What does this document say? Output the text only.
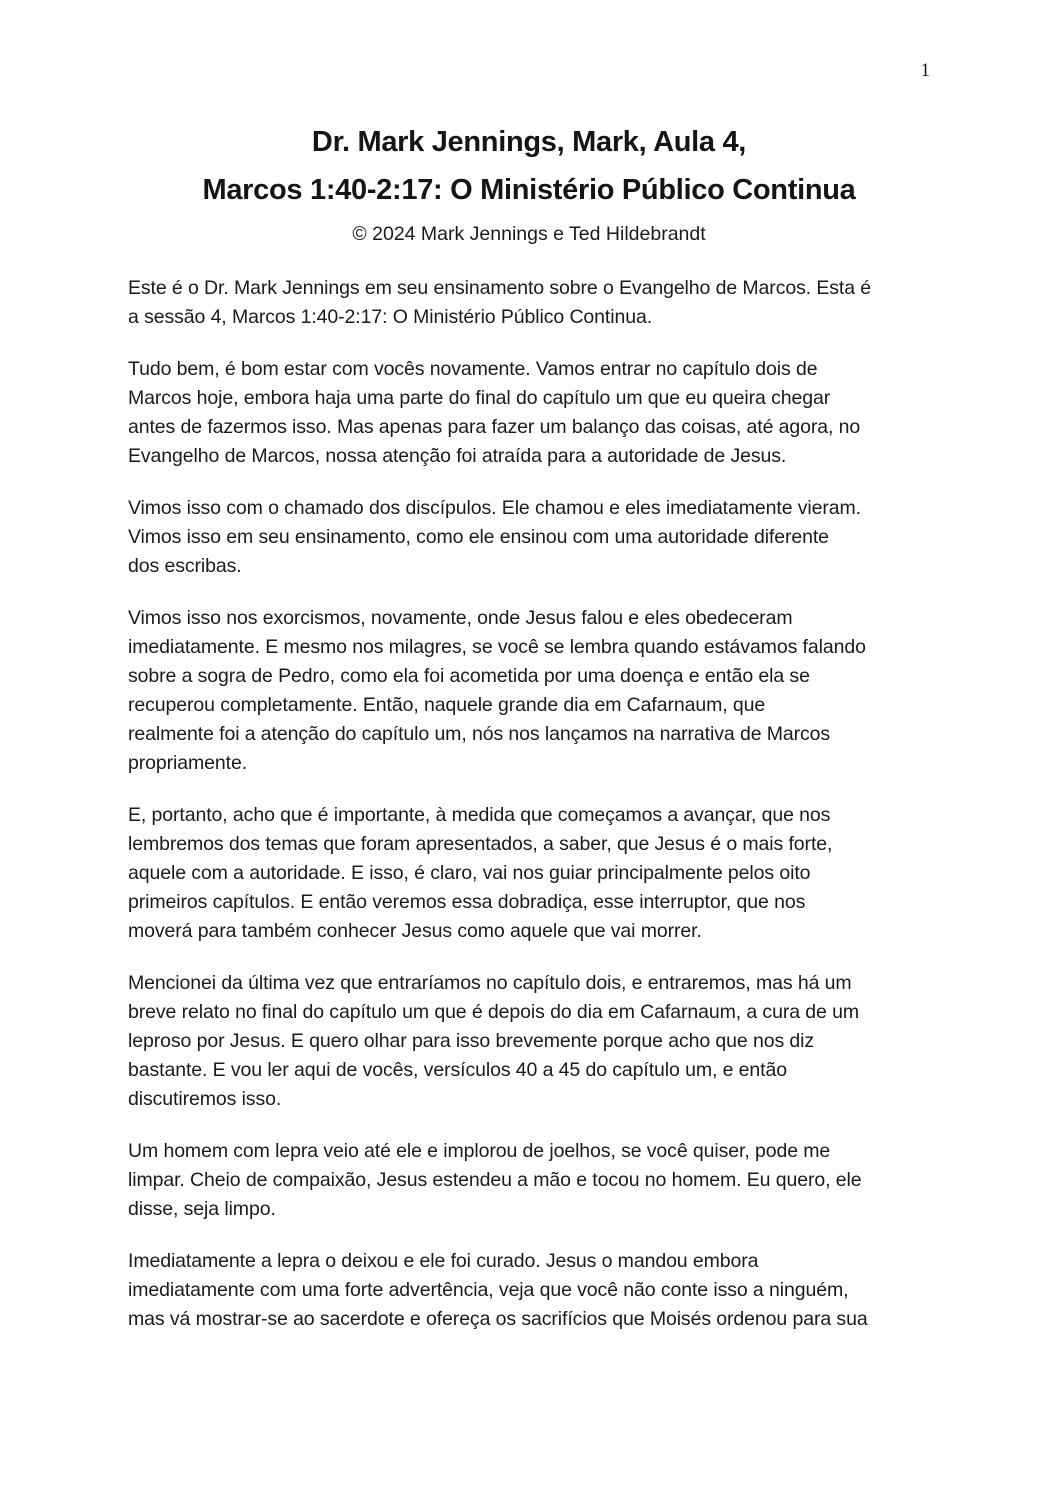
1
Dr. Mark Jennings, Mark, Aula 4,
Marcos 1:40-2:17: O Ministério Público Continua
© 2024 Mark Jennings e Ted Hildebrandt
Este é o Dr. Mark Jennings em seu ensinamento sobre o Evangelho de Marcos. Esta é
a sessão 4, Marcos 1:40-2:17: O Ministério Público Continua.
Tudo bem, é bom estar com vocês novamente. Vamos entrar no capítulo dois de
Marcos hoje, embora haja uma parte do final do capítulo um que eu queira chegar
antes de fazermos isso. Mas apenas para fazer um balanço das coisas, até agora, no
Evangelho de Marcos, nossa atenção foi atraída para a autoridade de Jesus.
Vimos isso com o chamado dos discípulos. Ele chamou e eles imediatamente vieram.
Vimos isso em seu ensinamento, como ele ensinou com uma autoridade diferente
dos escribas.
Vimos isso nos exorcismos, novamente, onde Jesus falou e eles obedeceram
imediatamente. E mesmo nos milagres, se você se lembra quando estávamos falando
sobre a sogra de Pedro, como ela foi acometida por uma doença e então ela se
recuperou completamente. Então, naquele grande dia em Cafarnaum, que
realmente foi a atenção do capítulo um, nós nos lançamos na narrativa de Marcos
propriamente.
E, portanto, acho que é importante, à medida que começamos a avançar, que nos
lembremos dos temas que foram apresentados, a saber, que Jesus é o mais forte,
aquele com a autoridade. E isso, é claro, vai nos guiar principalmente pelos oito
primeiros capítulos. E então veremos essa dobradiça, esse interruptor, que nos
moverá para também conhecer Jesus como aquele que vai morrer.
Mencionei da última vez que entraríamos no capítulo dois, e entraremos, mas há um
breve relato no final do capítulo um que é depois do dia em Cafarnaum, a cura de um
leproso por Jesus. E quero olhar para isso brevemente porque acho que nos diz
bastante. E vou ler aqui de vocês, versículos 40 a 45 do capítulo um, e então
discutiremos isso.
Um homem com lepra veio até ele e implorou de joelhos, se você quiser, pode me
limpar. Cheio de compaixão, Jesus estendeu a mão e tocou no homem. Eu quero, ele
disse, seja limpo.
Imediatamente a lepra o deixou e ele foi curado. Jesus o mandou embora
imediatamente com uma forte advertência, veja que você não conte isso a ninguém,
mas vá mostrar-se ao sacerdote e ofereça os sacrifícios que Moisés ordenou para sua
